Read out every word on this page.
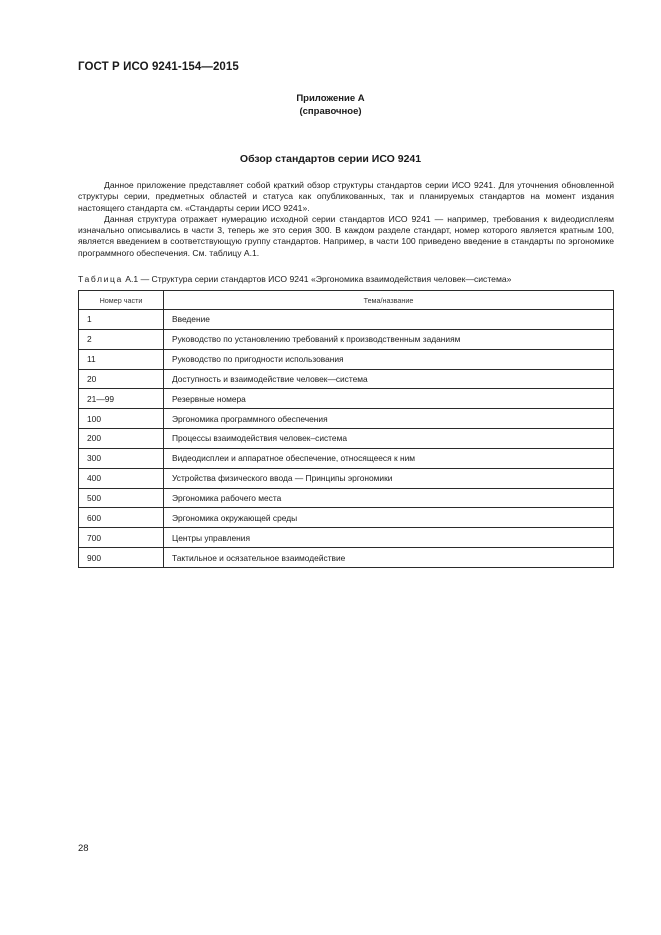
ГОСТ Р ИСО 9241-154—2015
Приложение А
(справочное)
Обзор стандартов серии ИСО 9241

Данное приложение представляет собой краткий обзор структуры стандартов серии ИСО 9241. Для уточнения обновленной структуры серии, предметных областей и статуса как опубликованных, так и планируемых стандартов на момент издания настоящего стандарта см. «Стандарты серии ИСО 9241».

Данная структура отражает нумерацию исходной серии стандартов ИСО 9241 — например, требования к видеодисплеям изначально описывались в части 3, теперь же это серия 300. В каждом разделе стандарт, номер которого является кратным 100, является введением в соответствующую группу стандартов. Например, в части 100 приведено введение в стандарты по эргономике программного обеспечения. См. таблицу А.1.

Таблица А.1 — Структура серии стандартов ИСО 9241 «Эргономика взаимодействия человек—система»
Номер части	Тема/название
1	Введение
2	Руководство по установлению требований к производственным заданиям
11	Руководство по пригодности использования
20	Доступность и взаимодействие человек—система
21—99	Резервные номера
100	Эргономика программного обеспечения
200	Процессы взаимодействия человек–система
300	Видеодисплеи и аппаратное обеспечение, относящееся к ним
400	Устройства физического ввода — Принципы эргономики
500	Эргономика рабочего места
600	Эргономика окружающей среды
700	Центры управления
900	Тактильное и осязательное взаимодействие
28
